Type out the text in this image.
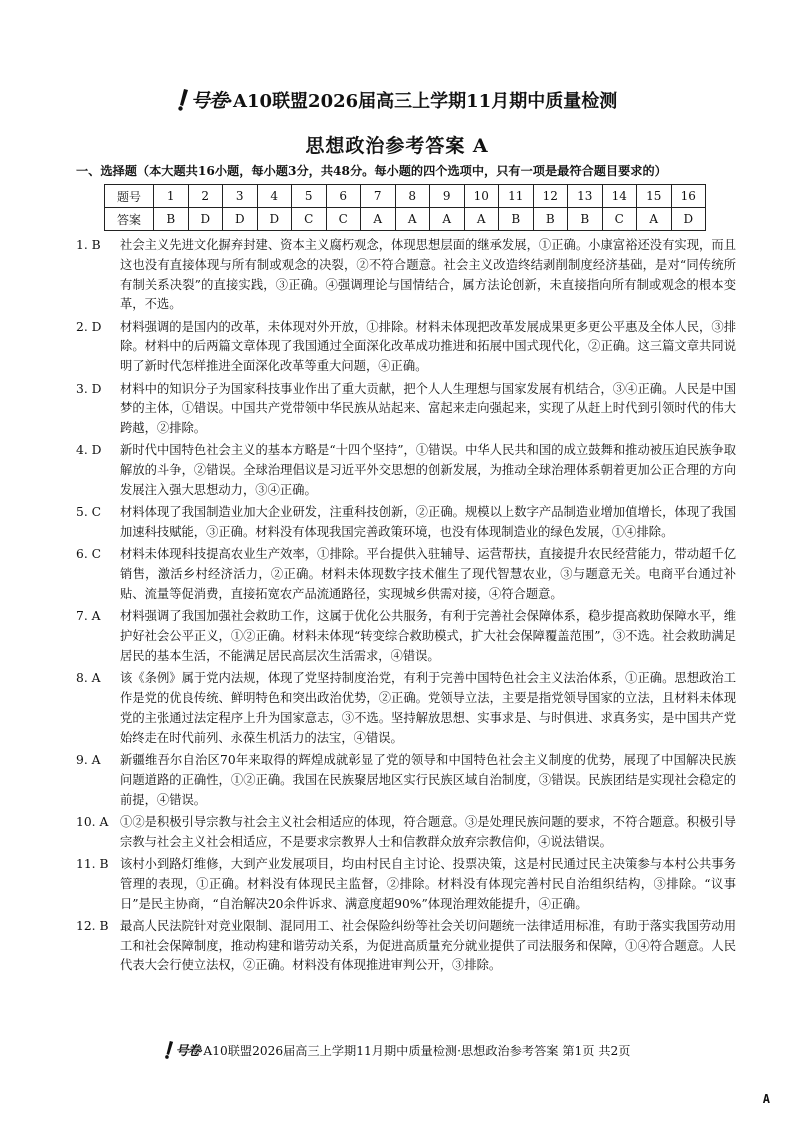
号卷·A10联盟2026届高三上学期11月期中质量检测
思想政治参考答案 A
一、选择题（本大题共16小题，每小题3分，共48分。每小题的四个选项中，只有一项是最符合题目要求的）
题号	1	2	3	4	5	6	7	8	9	10	11	12	13	14	15	16
答案	B	D	D	D	C	C	A	A	A	A	B	B	B	C	A	D
1. B	社会主义先进文化摒弃封建、资本主义腐朽观念，体现思想层面的继承发展，①正确。小康富裕还没有实现，而且这也没有直接体现与所有制或观念的决裂，②不符合题意。社会主义改造终结剥削制度经济基础，是对“同传统所有制关系决裂”的直接实践，③正确。④强调理论与国情结合，属方法论创新，未直接指向所有制或观念的根本变革，不选。
2. D	材料强调的是国内的改革，未体现对外开放，①排除。材料未体现把改革发展成果更多更公平惠及全体人民，③排除。材料中的后两篇文章体现了我国通过全面深化改革成功推进和拓展中国式现代化，②正确。这三篇文章共同说明了新时代怎样推进全面深化改革等重大问题，④正确。
3. D	材料中的知识分子为国家科技事业作出了重大贡献，把个人人生理想与国家发展有机结合，③④正确。人民是中国梦的主体，①错误。中国共产党带领中华民族从站起来、富起来走向强起来，实现了从赶上时代到引领时代的伟大跨越，②排除。
4. D	新时代中国特色社会主义的基本方略是“十四个坚持”，①错误。中华人民共和国的成立鼓舞和推动被压迫民族争取解放的斗争，②错误。全球治理倡议是习近平外交思想的创新发展，为推动全球治理体系朝着更加公正合理的方向发展注入强大思想动力，③④正确。
5. C	材料体现了我国制造业加大企业研发，注重科技创新，②正确。规模以上数字产品制造业增加值增长，体现了我国加速科技赋能，③正确。材料没有体现我国完善政策环境，也没有体现制造业的绿色发展，①④排除。
6. C	材料未体现科技提高农业生产效率，①排除。平台提供入驻辅导、运营帮扶，直接提升农民经营能力，带动超千亿销售，激活乡村经济活力，②正确。材料未体现数字技术催生了现代智慧农业，③与题意无关。电商平台通过补贴、流量等促消费，直接拓宽农产品流通路径，实现城乡供需对接，④符合题意。
7. A	材料强调了我国加强社会救助工作，这属于优化公共服务，有利于完善社会保障体系，稳步提高救助保障水平，维护好社会公平正义，①②正确。材料未体现“转变综合救助模式，扩大社会保障覆盖范围”，③不选。社会救助满足居民的基本生活，不能满足居民高层次生活需求，④错误。
8. A	该《条例》属于党内法规，体现了党坚持制度治党，有利于完善中国特色社会主义法治体系，①正确。思想政治工作是党的优良传统、鲜明特色和突出政治优势，②正确。党领导立法，主要是指党领导国家的立法，且材料未体现党的主张通过法定程序上升为国家意志，③不选。坚持解放思想、实事求是、与时俱进、求真务实，是中国共产党始终走在时代前列、永葆生机活力的法宝，④错误。
9. A	新疆维吾尔自治区70年来取得的辉煌成就彰显了党的领导和中国特色社会主义制度的优势，展现了中国解决民族问题道路的正确性，①②正确。我国在民族聚居地区实行民族区域自治制度，③错误。民族团结是实现社会稳定的前提，④错误。
10. A ①②是积极引导宗教与社会主义社会相适应的体现，符合题意。③是处理民族问题的要求，不符合题意。积极引导宗教与社会主义社会相适应，不是要求宗教界人士和信教群众放弃宗教信仰，④说法错误。
11. B 该村小到路灯维修，大到产业发展项目，均由村民自主讨论、投票决策，这是村民通过民主决策参与本村公共事务管理的表现，①正确。材料没有体现民主监督，②排除。材料没有体现完善村民自治组织结构，③排除。“议事日”是民主协商，“自治解决20余件诉求、满意度超90%”体现治理效能提升，④正确。
12. B 最高人民法院针对竞业限制、混同用工、社会保险纠纷等社会关切问题统一法律适用标准，有助于落实我国劳动用工和社会保障制度，推动构建和谐劳动关系，为促进高质量充分就业提供了司法服务和保障，①④符合题意。人民代表大会行使立法权，②正确。材料没有体现推进审判公开，③排除。
号卷·A10联盟2026届高三上学期11月期中质量检测·思想政治参考答案 第1页 共2页
A
